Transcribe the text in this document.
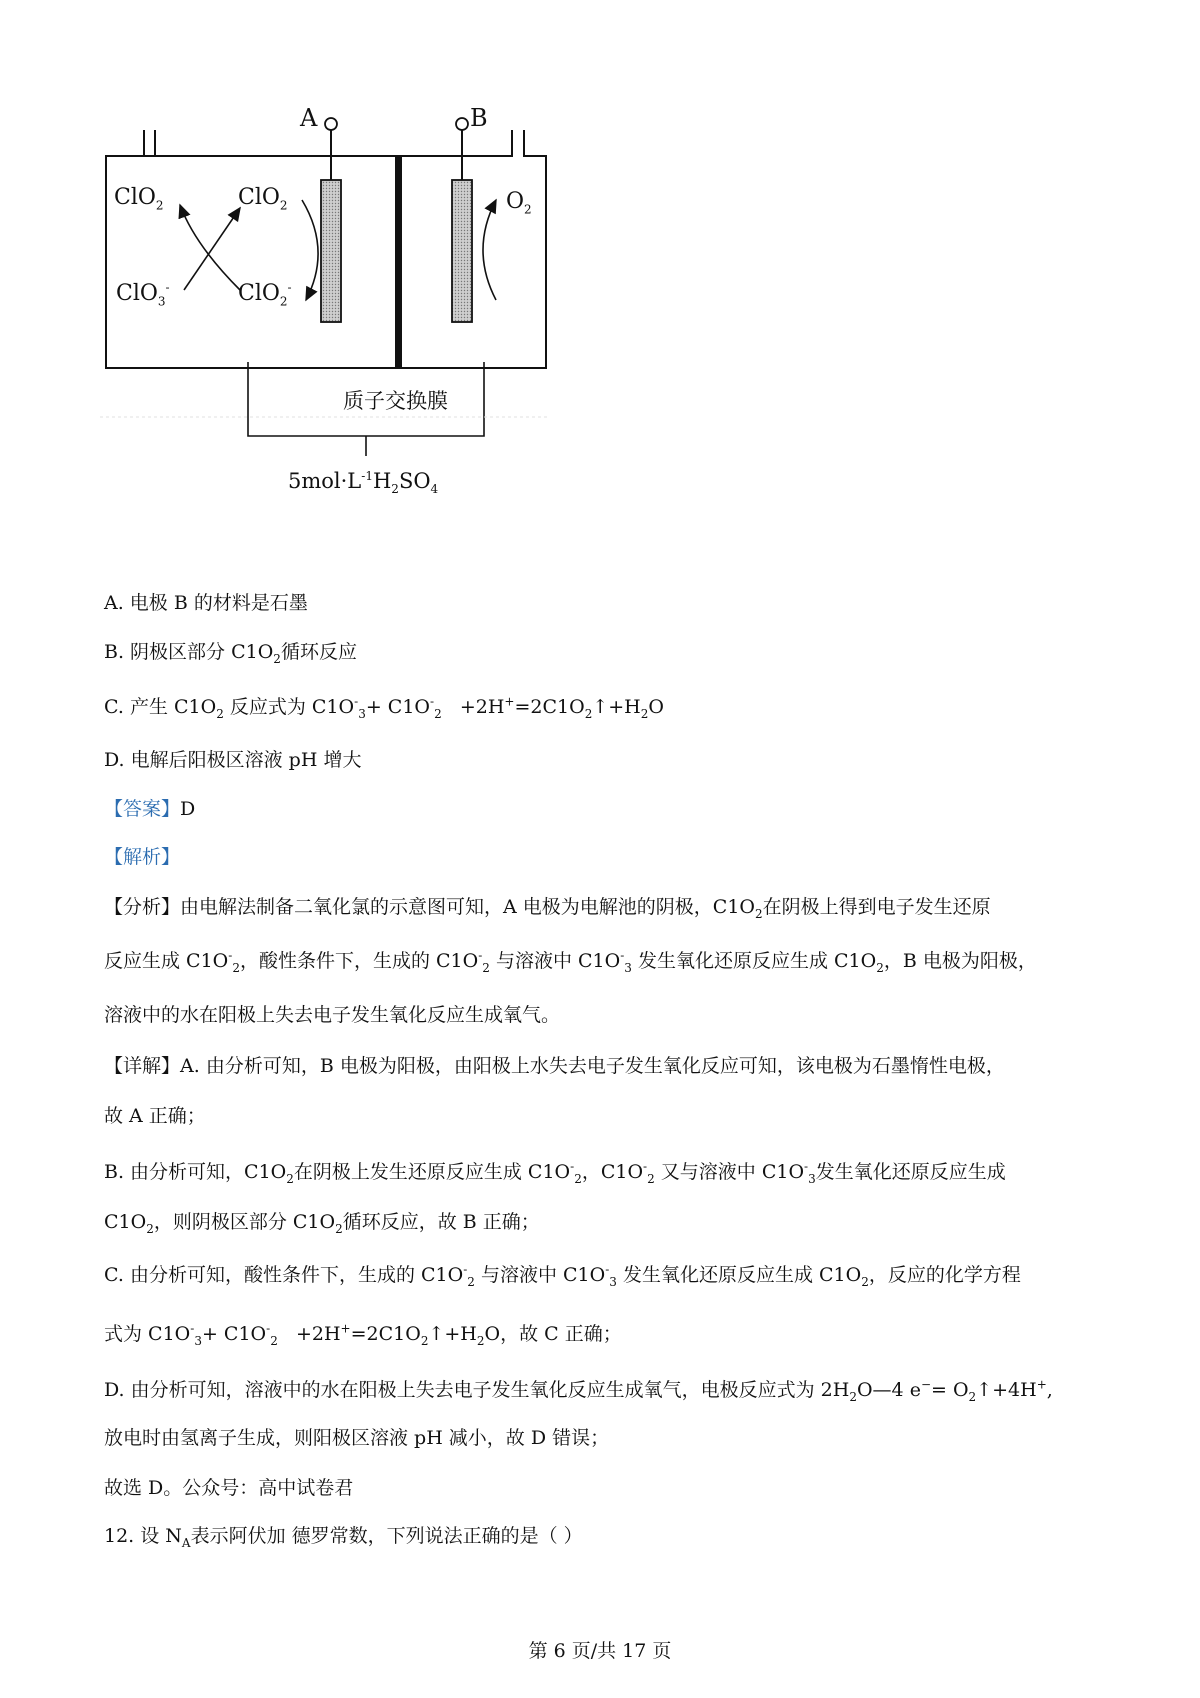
A	B
ClO$_2$	ClO$_2$
ClO$_3$-	ClO$_2$-
$O_2$
质子交换膜
$5mol\cdot L^{-1}H_2SO_4$
A. 电极 B 的材料是石墨
B. 阴极区部分 $C1O_2$循环反应
C. 产生 $C1O_2$ 反应式为 $C1O^-_3+ C1O^-_2$ $+2H^+=2C1O_2↑+H_2O$
D. 电解后阳极区溶液 pH 增大
【答案】D
【解析】
【分析】由电解法制备二氧化氯的示意图可知，A 电极为电解池的阴极，$C1O_2$在阴极上得到电子发生还原
反应生成 $C1O^-_2$，酸性条件下，生成的 $C1O^-_2$ 与溶液中 $C1O^-_3$ 发生氧化还原反应生成 $C1O_2$，B 电极为阳极，
溶液中的水在阳极上失去电子发生氧化反应生成氧气。
【详解】A. 由分析可知，B 电极为阳极，由阳极上水失去电子发生氧化反应可知，该电极为石墨惰性电极，
故 A 正确；
B. 由分析可知，$C1O_2$在阴极上发生还原反应生成 $C1O^-_2$，$C1O^-_2$ 又与溶液中 $C1O^-_3$发生氧化还原反应生成
$C1O_2$，则阴极区部分 $C1O_2$循环反应，故 B 正确；
C. 由分析可知，酸性条件下，生成的 $C1O^-_2$ 与溶液中 $C1O^-_3$ 发生氧化还原反应生成 $C1O_2$，反应的化学方程
式为 $C1O^-_3+ C1O^-_2$ $+2H^+=2C1O_2↑+H_2O$，故 C 正确；
D. 由分析可知，溶液中的水在阳极上失去电子发生氧化反应生成氧气，电极反应式为 $2H_2O—4$ $e^-= O_2↑+4H^+$,
放电时由氢离子生成，则阳极区溶液 pH 减小，故 D 错误；
故选 D。公众号：高中试卷君
12. 设 $N_A$表示阿伏加 德罗常数，下列说法正确的是（ ）
第 6 页/共 17 页
